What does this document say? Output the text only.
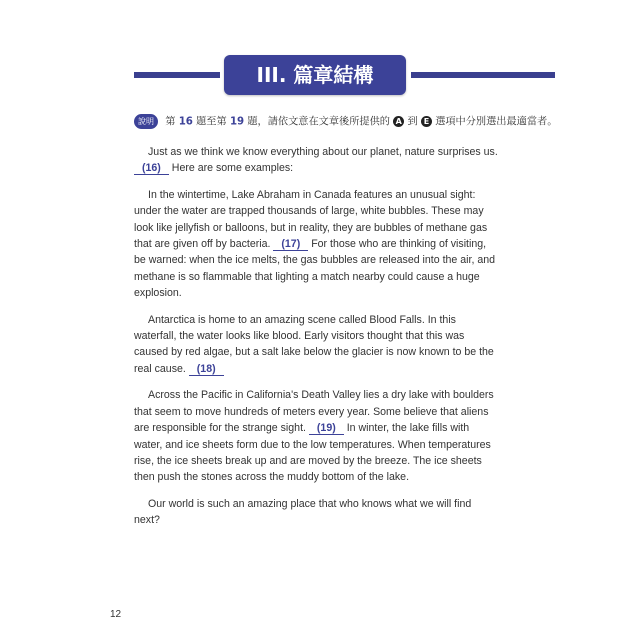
III. 篇章結構
說明 第 16 題至第 19 題，請依文意在文章後所提供的 A 到 E 選項中分別選出最適當者。

Just as we think we know everything about our planet, nature surprises us. (16) Here are some examples:

In the wintertime, Lake Abraham in Canada features an unusual sight: under the water are trapped thousands of large, white bubbles. These may look like jellyfish or balloons, but in reality, they are bubbles of methane gas that are given off by bacteria. (17) For those who are thinking of visiting, be warned: when the ice melts, the gas bubbles are released into the air, and methane is so flammable that lighting a match nearby could cause a huge explosion.

Antarctica is home to an amazing scene called Blood Falls. In this waterfall, the water looks like blood. Early visitors thought that this was caused by red algae, but a salt lake below the glacier is now known to be the real cause. (18)

Across the Pacific in California's Death Valley lies a dry lake with boulders that seem to move hundreds of meters every year. Some believe that aliens are responsible for the strange sight. (19) In winter, the lake fills with water, and ice sheets form due to the low temperatures. When temperatures rise, the ice sheets break up and are moved by the breeze. The ice sheets then push the stones across the muddy bottom of the lake.

Our world is such an amazing place that who knows what we will find next?

12
